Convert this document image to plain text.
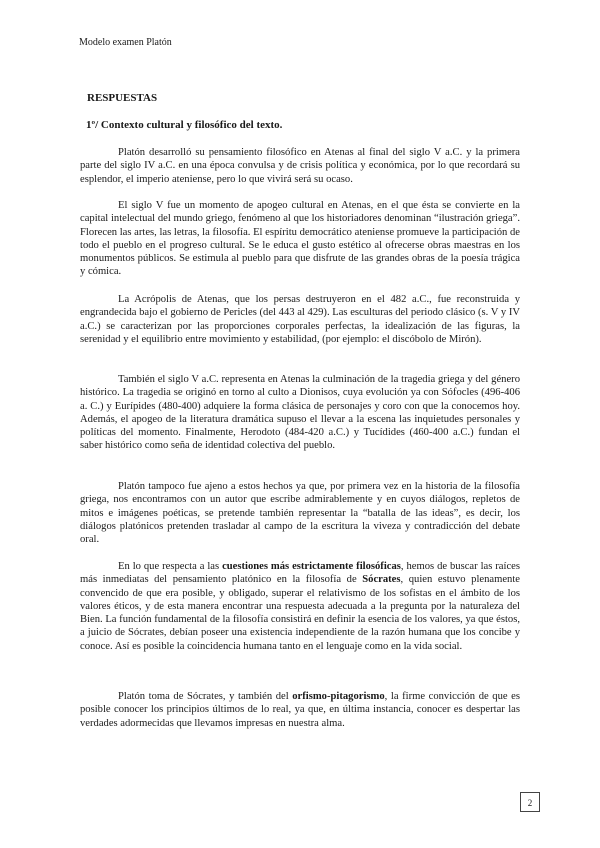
Modelo examen Platón
RESPUESTAS
1º/ Contexto cultural y filosófico del texto.
Platón desarrolló su pensamiento filosófico en Atenas al final del siglo V a.C. y la primera parte del siglo IV a.C. en una época convulsa y de crisis política y económica, por lo que recordará su esplendor, el imperio ateniense, pero lo que vivirá será su ocaso.
El siglo V fue un momento de apogeo cultural en Atenas, en el que ésta se convierte en la capital intelectual del mundo griego, fenómeno al que los historiadores denominan “ilustración griega”. Florecen las artes, las letras, la filosofía. El espíritu democrático ateniense promueve la participación de todo el pueblo en el progreso cultural. Se le educa el gusto estético al ofrecerse obras maestras en los monumentos públicos. Se estimula al pueblo para que disfrute de las grandes obras de la poesía trágica y cómica.
La Acrópolis de Atenas, que los persas destruyeron en el 482 a.C., fue reconstruida y engrandecida bajo el gobierno de Pericles (del 443 al 429). Las esculturas del periodo clásico (s. V y IV a.C.) se caracterizan por las proporciones corporales perfectas, la idealización de las figuras, la serenidad y el equilibrio entre movimiento y estabilidad, (por ejemplo: el discóbolo de Mirón).
También el siglo V a.C. representa en Atenas la culminación de la tragedia griega y del género histórico. La tragedia se originó en torno al culto a Dionisos, cuya evolución ya con Sófocles (496-406 a. C.) y Eurípides (480-400) adquiere la forma clásica de personajes y coro con que la conocemos hoy. Además, el apogeo de la literatura dramática supuso el llevar a la escena las inquietudes personales y políticas del momento. Finalmente, Herodoto (484-420 a.C.) y Tucídides (460-400 a.C.) fundan el saber histórico como seña de identidad colectiva del pueblo.
Platón tampoco fue ajeno a estos hechos ya que, por primera vez en la historia de la filosofía griega, nos encontramos con un autor que escribe admirablemente y en cuyos diálogos, repletos de mitos e imágenes poéticas, se pretende también representar la “batalla de las ideas”, es decir, los diálogos platónicos pretenden trasladar al campo de la escritura la viveza y contradicción del debate oral.
En lo que respecta a las cuestiones más estrictamente filosóficas, hemos de buscar las raíces más inmediatas del pensamiento platónico en la filosofía de Sócrates, quien estuvo plenamente convencido de que era posible, y obligado, superar el relativismo de los sofistas en el ámbito de los valores éticos, y de esta manera encontrar una respuesta adecuada a la pregunta por la naturaleza del Bien. La función fundamental de la filosofía consistirá en definir la esencia de los valores, ya que éstos, a juicio de Sócrates, debían poseer una existencia independiente de la razón humana que los concibe y conoce. Así es posible la coincidencia humana tanto en el lenguaje como en la vida social.
Platón toma de Sócrates, y también del orfismo-pitagorismo, la firme convicción de que es posible conocer los principios últimos de lo real, ya que, en última instancia, conocer es despertar las verdades adormecidas que llevamos impresas en nuestra alma.
2
